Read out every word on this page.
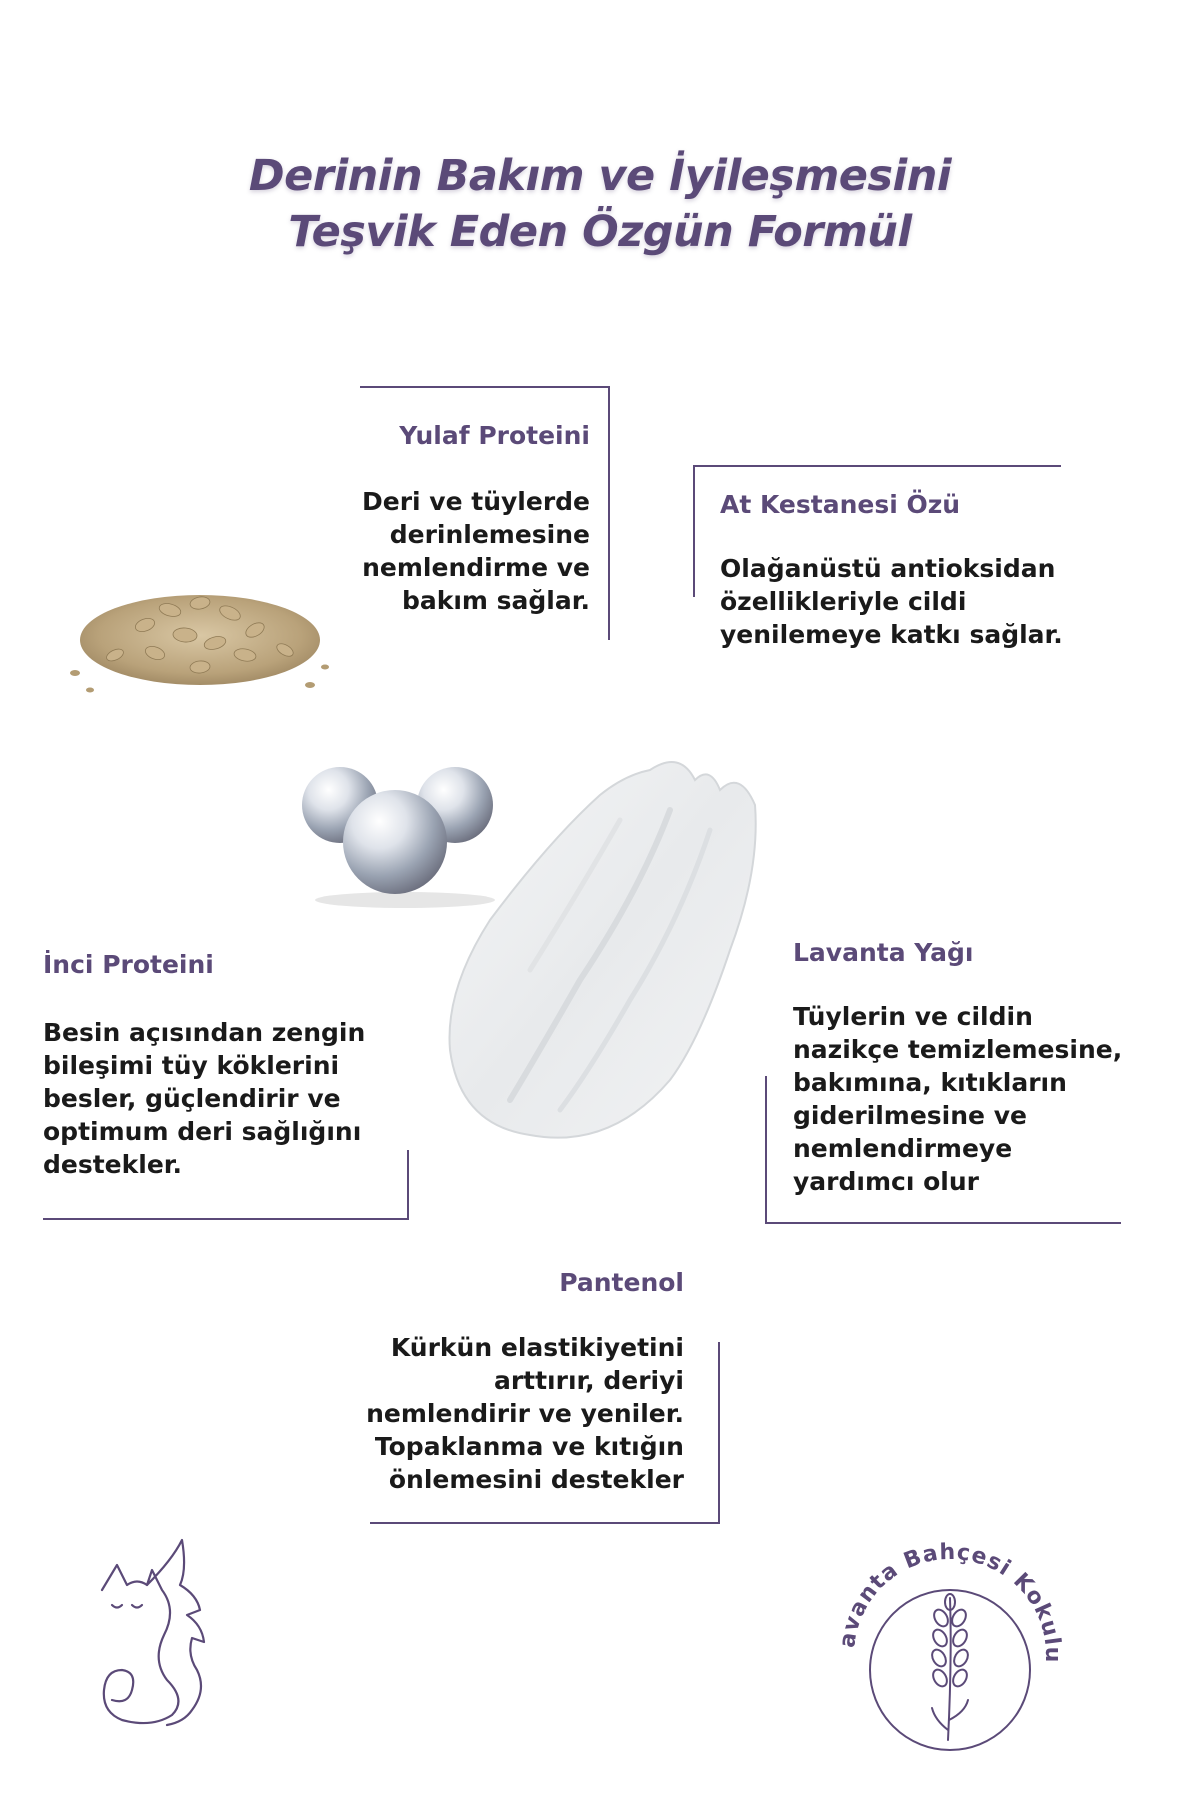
Derinin Bakım ve İyileşmesini
Teşvik Eden Özgün Formül
Yulaf Proteini
Deri ve tüylerde
derinlemesine
nemlendirme ve
bakım sağlar.
At Kestanesi Özü
Olağanüstü antioksidan
özellikleriyle cildi
yenilemeye katkı sağlar.
İnci Proteini
Besin açısından zengin
bileşimi tüy köklerini
besler, güçlendirir ve
optimum deri sağlığını
destekler.
Lavanta Yağı
Tüylerin ve cildin
nazikçe temizlemesine,
bakımına, kıtıkların
giderilmesine ve
nemlendirmeye
yardımcı olur
Pantenol
Kürkün elastikiyetini
arttırır, deriyi
nemlendirir ve yeniler.
Topaklanma ve kıtığın
önlemesini destekler
Lavanta Bahçesi Kokulu
